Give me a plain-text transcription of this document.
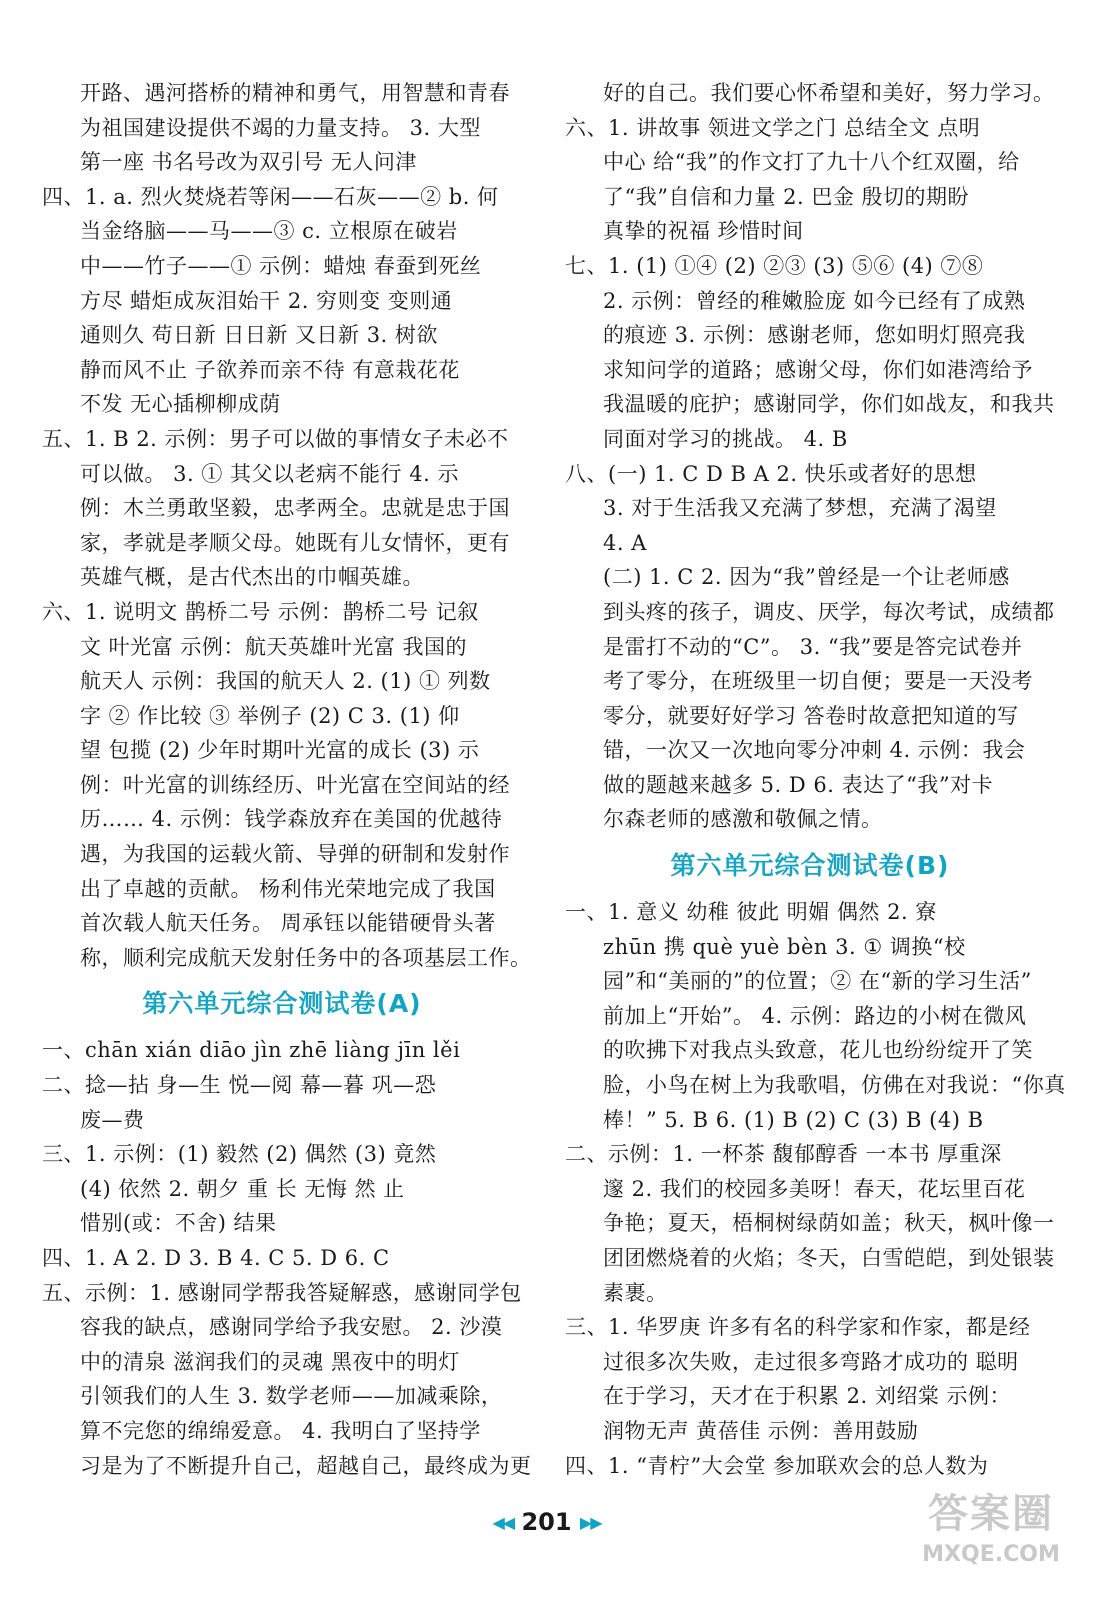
开路、遇河搭桥的精神和勇气，用智慧和青春
为祖国建设提供不竭的力量支持。 3. 大型
第一座 书名号改为双引号 无人问津
四、1. a. 烈火焚烧若等闲——石灰——② b. 何
当金络脑——马——③ c. 立根原在破岩
中——竹子——① 示例：蜡烛 春蚕到死丝
方尽 蜡炬成灰泪始干 2. 穷则变 变则通
通则久 苟日新 日日新 又日新 3. 树欲
静而风不止 子欲养而亲不待 有意栽花花
不发 无心插柳柳成荫
五、1. B 2. 示例：男子可以做的事情女子未必不
可以做。 3. ① 其父以老病不能行 4. 示
例：木兰勇敢坚毅，忠孝两全。忠就是忠于国
家，孝就是孝顺父母。她既有儿女情怀，更有
英雄气概，是古代杰出的巾帼英雄。
六、1. 说明文 鹊桥二号 示例：鹊桥二号 记叙
文 叶光富 示例：航天英雄叶光富 我国的
航天人 示例：我国的航天人 2. (1) ① 列数
字 ② 作比较 ③ 举例子 (2) C 3. (1) 仰
望 包揽 (2) 少年时期叶光富的成长 (3) 示
例：叶光富的训练经历、叶光富在空间站的经
历…… 4. 示例：钱学森放弃在美国的优越待
遇，为我国的运载火箭、导弹的研制和发射作
出了卓越的贡献。 杨利伟光荣地完成了我国
首次载人航天任务。 周承钰以能错硬骨头著
称，顺利完成航天发射任务中的各项基层工作。
第六单元综合测试卷(A)
一、chān xián diāo jìn zhē liàng jīn lěi
二、捻—拈 身—生 悦—阅 幕—暮 巩—恐
废—费
三、1. 示例：(1) 毅然 (2) 偶然 (3) 竟然
(4) 依然 2. 朝夕 重 长 无悔 然 止
惜别(或：不舍) 结果
四、1. A 2. D 3. B 4. C 5. D 6. C
五、示例：1. 感谢同学帮我答疑解惑，感谢同学包
容我的缺点，感谢同学给予我安慰。 2. 沙漠
中的清泉 滋润我们的灵魂 黑夜中的明灯
引领我们的人生 3. 数学老师——加减乘除，
算不完您的绵绵爱意。 4. 我明白了坚持学
习是为了不断提升自己，超越自己，最终成为更
好的自己。我们要心怀希望和美好，努力学习。
六、1. 讲故事 领进文学之门 总结全文 点明
中心 给“我”的作文打了九十八个红双圈，给
了“我”自信和力量 2. 巴金 殷切的期盼
真挚的祝福 珍惜时间
七、1. (1) ①④ (2) ②③ (3) ⑤⑥ (4) ⑦⑧
2. 示例：曾经的稚嫩脸庞 如今已经有了成熟
的痕迹 3. 示例：感谢老师，您如明灯照亮我
求知问学的道路；感谢父母，你们如港湾给予
我温暖的庇护；感谢同学，你们如战友，和我共
同面对学习的挑战。 4. B
八、(一) 1. C D B A 2. 快乐或者好的思想
3. 对于生活我又充满了梦想，充满了渴望
4. A
(二) 1. C 2. 因为“我”曾经是一个让老师感
到头疼的孩子，调皮、厌学，每次考试，成绩都
是雷打不动的“C”。 3. “我”要是答完试卷并
考了零分，在班级里一切自便；要是一天没考
零分，就要好好学习 答卷时故意把知道的写
错，一次又一次地向零分冲刺 4. 示例：我会
做的题越来越多 5. D 6. 表达了“我”对卡
尔森老师的感激和敬佩之情。
第六单元综合测试卷(B)
一、1. 意义 幼稚 彼此 明媚 偶然 2. 寮
zhūn 携 què yuè bèn 3. ① 调换“校
园”和“美丽的”的位置；② 在“新的学习生活”
前加上“开始”。 4. 示例：路边的小树在微风
的吹拂下对我点头致意，花儿也纷纷绽开了笑
脸，小鸟在树上为我歌唱，仿佛在对我说：“你真
棒！” 5. B 6. (1) B (2) C (3) B (4) B
二、示例：1. 一杯茶 馥郁醇香 一本书 厚重深
邃 2. 我们的校园多美呀！春天，花坛里百花
争艳；夏天，梧桐树绿荫如盖；秋天，枫叶像一
团团燃烧着的火焰；冬天，白雪皑皑，到处银装
素裹。
三、1. 华罗庚 许多有名的科学家和作家，都是经
过很多次失败，走过很多弯路才成功的 聪明
在于学习，天才在于积累 2. 刘绍棠 示例：
润物无声 黄蓓佳 示例：善用鼓励
四、1. “青柠”大会堂 参加联欢会的总人数为
◀◀ 201 ▶▶	答案圈
MXQE.COM
